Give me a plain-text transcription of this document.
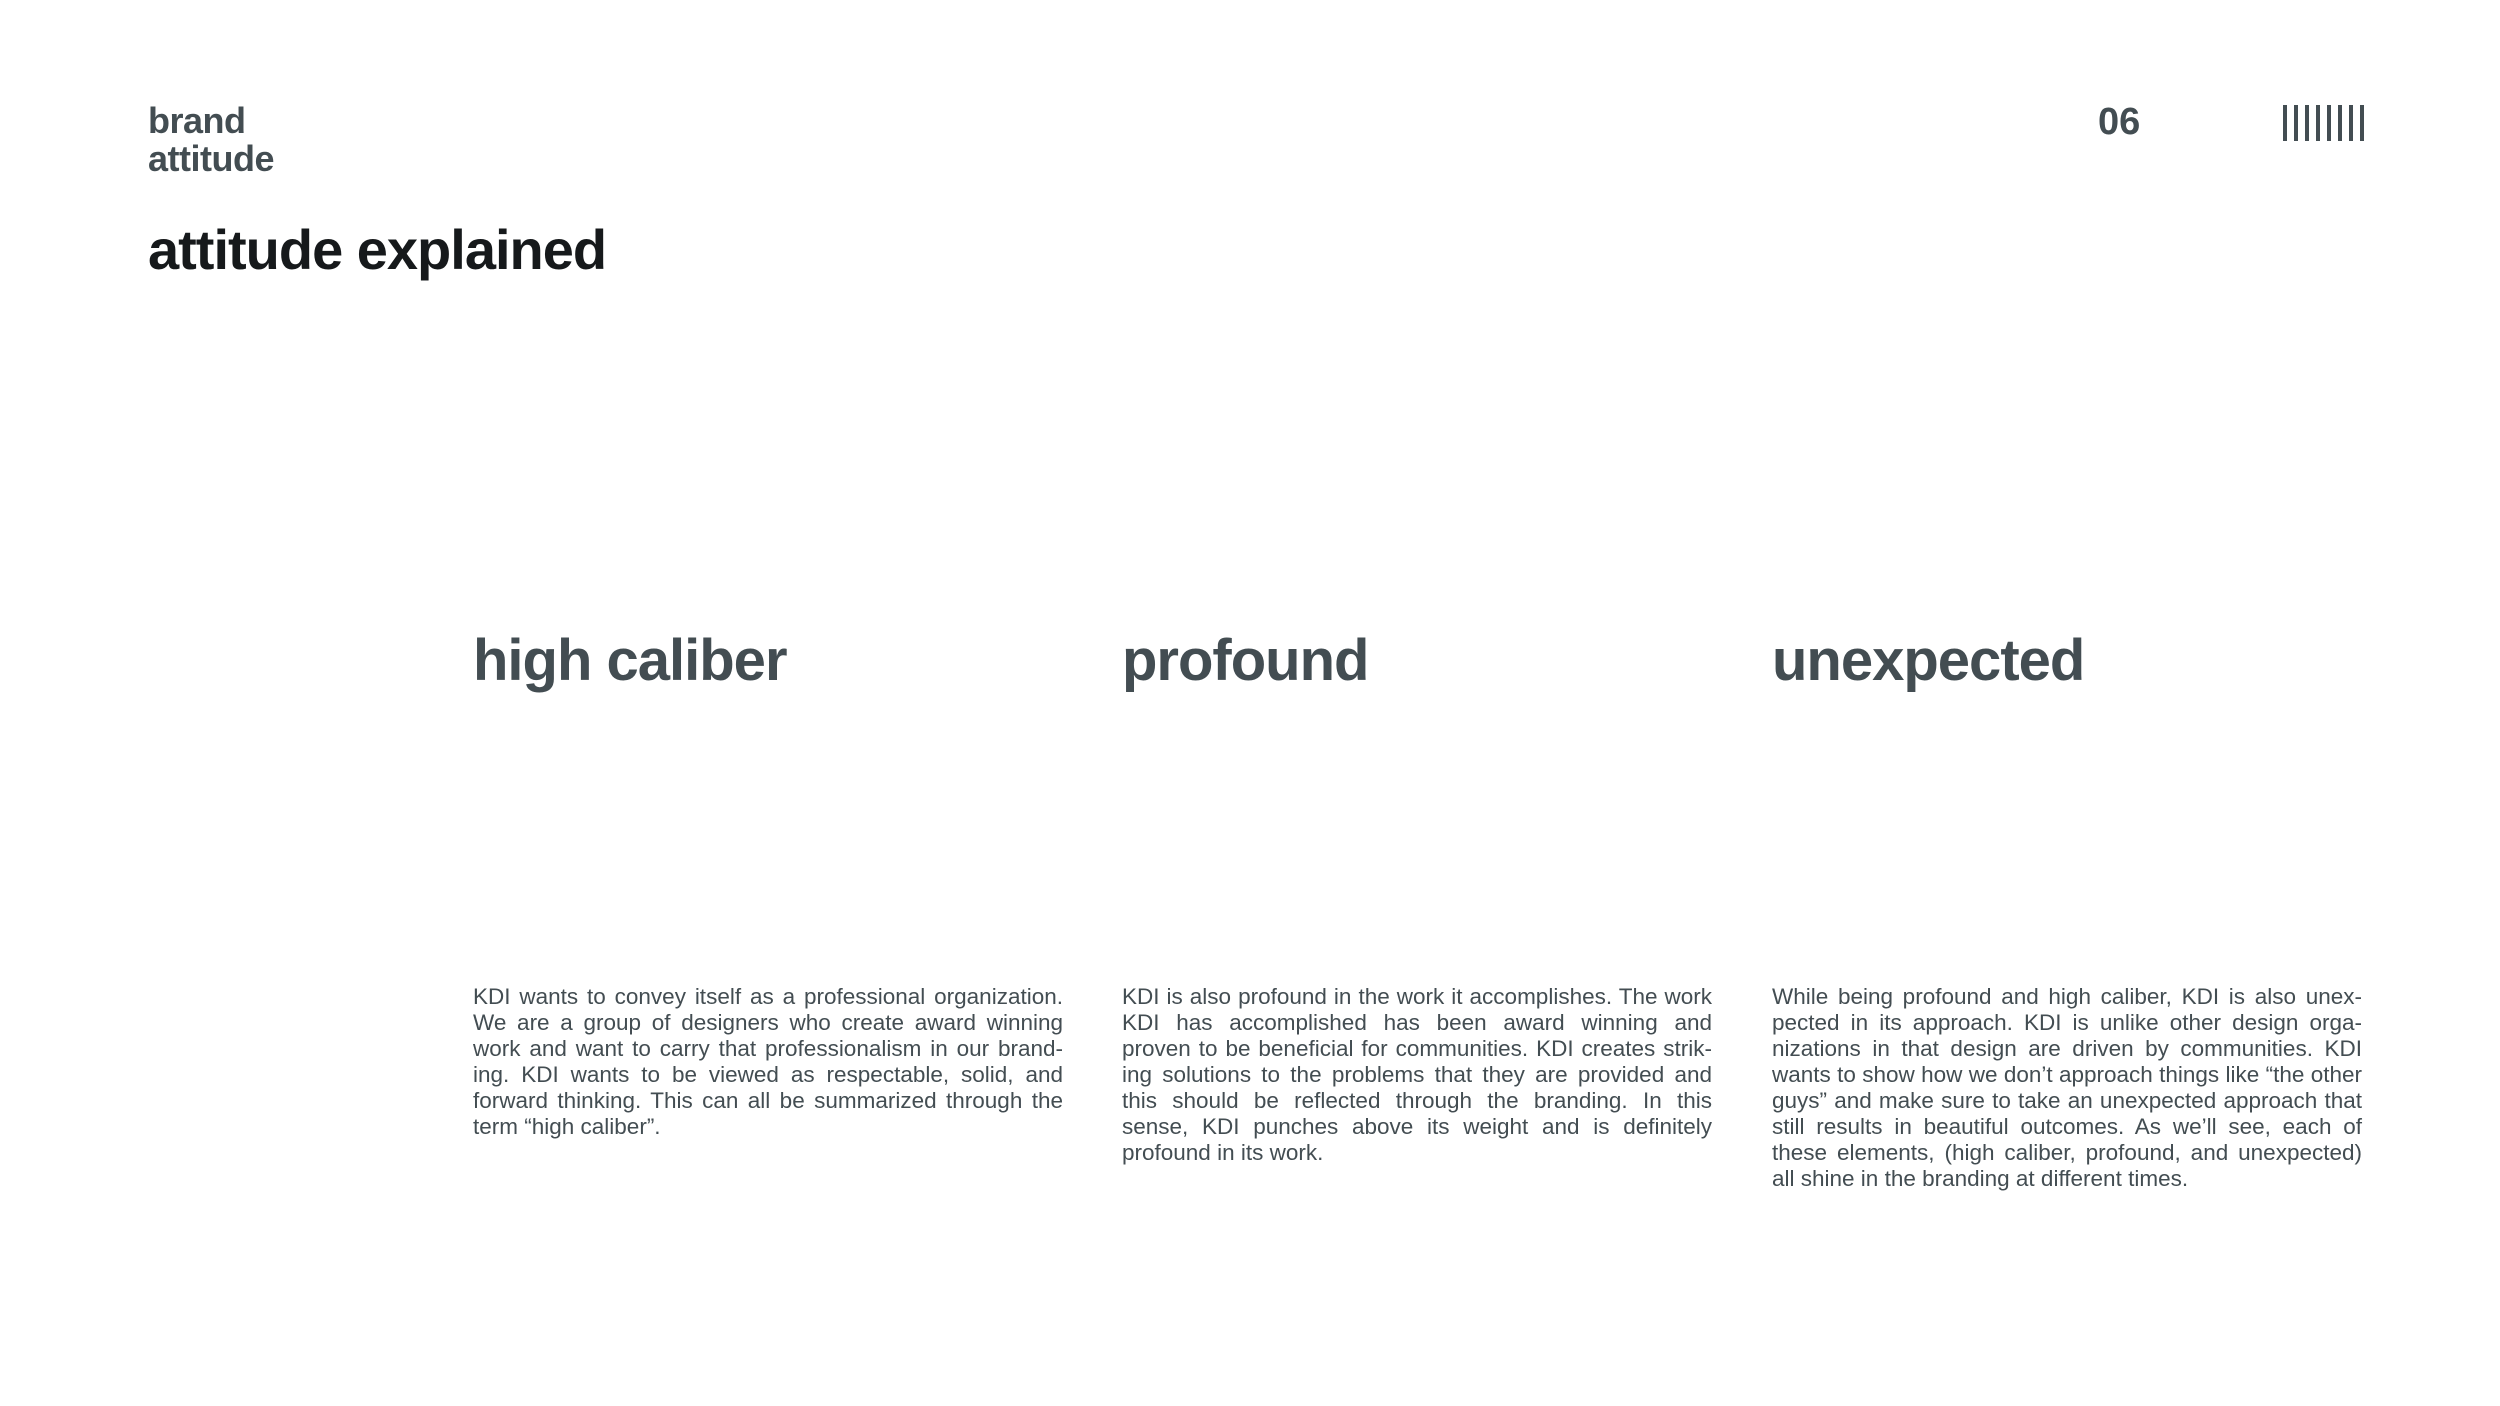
brand
attitude
attitude explained
06
high caliber

KDI wants to convey itself as a professional organization. We are a group of designers who create award winning work and want to carry that professionalism in our brand-ing. KDI wants to be viewed as respectable, solid, and forward thinking. This can all be summarized through the term “high caliber”.

profound

KDI is also profound in the work it accomplishes. The work KDI has accomplished has been award winning and proven to be beneficial for communities. KDI creates strik-ing solutions to the problems that they are provided and this should be reflected through the branding. In this sense, KDI punches above its weight and is definitely profound in its work.

unexpected

While being profound and high caliber, KDI is also unex-pected in its approach. KDI is unlike other design orga-nizations in that design are driven by communities. KDI wants to show how we don’t approach things like “the other guys” and make sure to take an unexpected approach that still results in beautiful outcomes. As we’ll see, each of these elements, (high caliber, profound, and unexpected) all shine in the branding at different times.
